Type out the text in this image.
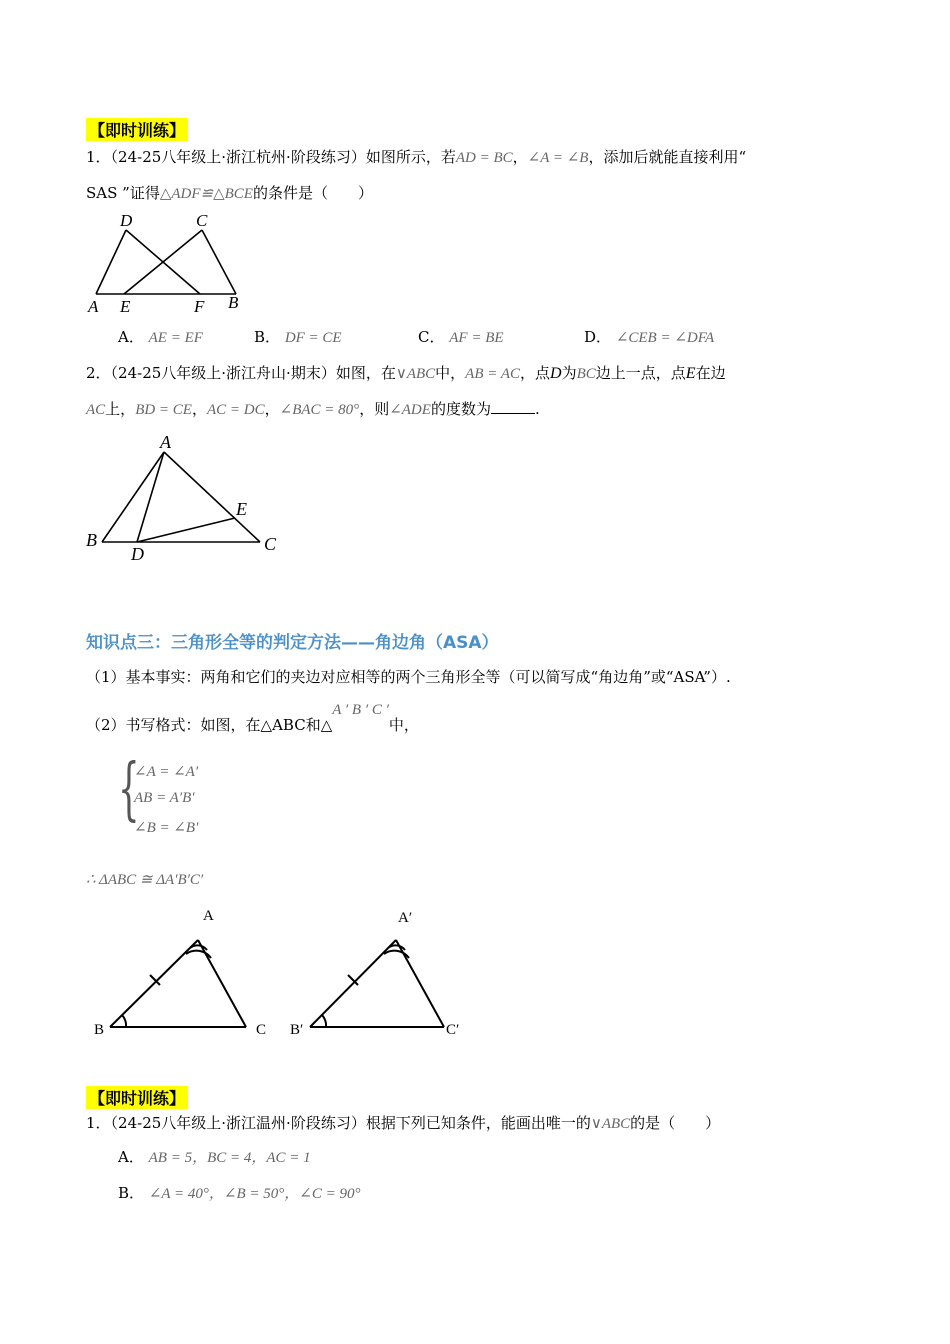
【即时训练】
1．（24-25八年级上·浙江杭州·阶段练习）如图所示，若AD = BC，∠A = ∠B，添加后就能直接利用“
SAS ”证得△ADF≌△BCE的条件是（　　）
D	C
A E	F B
A． AE = EF	B． DF = CE	C． AF = BE	D． ∠CEB = ∠DFA
2．（24-25八年级上·浙江舟山·期末）如图，在∨ABC中，AB = AC，点D为BC边上一点，点E在边
AC上，BD = CE，AC = DC，∠BAC = 80°，则∠ADE的度数为	.
A
E
B
D	C
知识点三：三角形全等的判定方法——角边角（ASA）
（1）基本事实：两角和它们的夹边对应相等的两个三角形全等（可以简写成“角边角”或“ASA”）.
（2）书写格式：如图，在△ABC和△A ′ B ′ C ′中，
{
∠A = ∠A′
AB = A′B′
∠B = ∠B′
∴ ΔABC ≅ ΔA′B′C′
A
B	C
A′
B′	C′
【即时训练】
1．（24-25八年级上·浙江温州·阶段练习）根据下列已知条件，能画出唯一的∨ABC的是（　　）
A． AB = 5，BC = 4，AC = 1
B． ∠A = 40°，∠B = 50°，∠C = 90°
